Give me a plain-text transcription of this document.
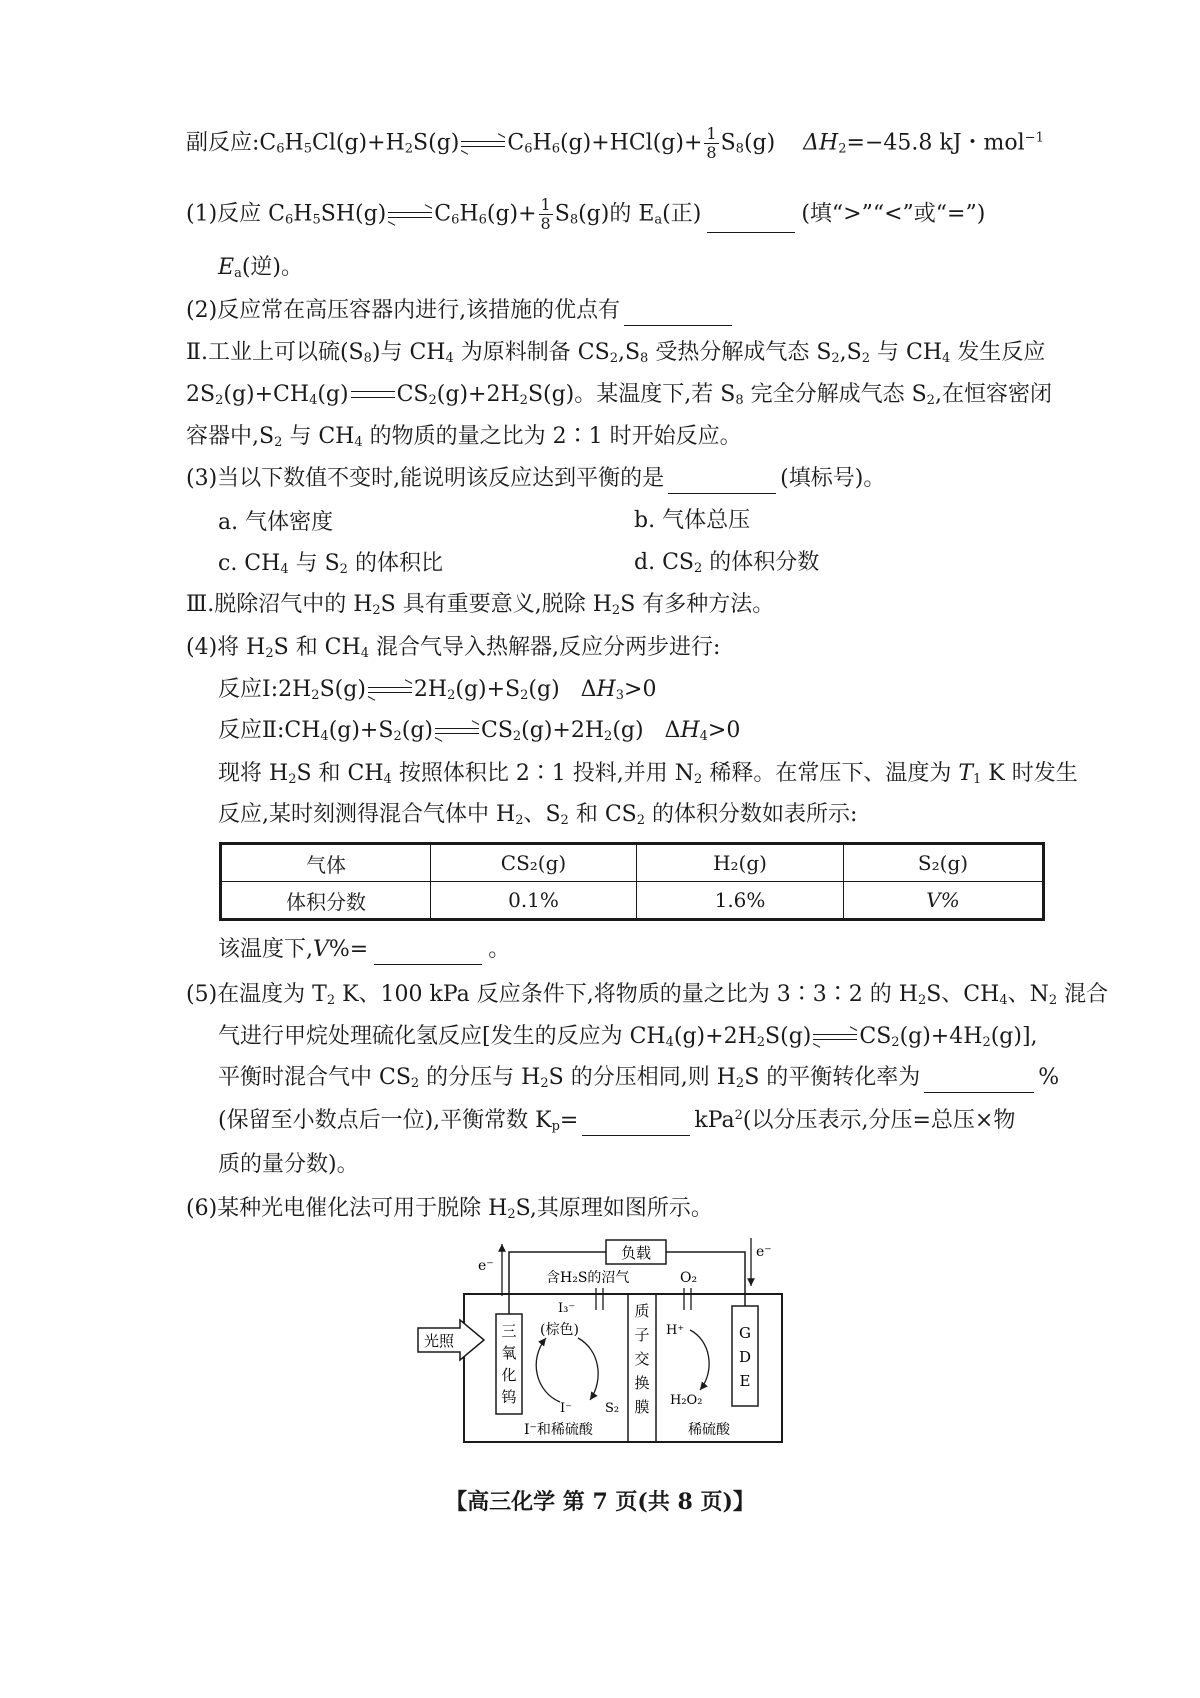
副反应$:C_6H_5Cl(g)+H_2S(g)$ $C_6H_6(g)+HCl(g)+ \frac{1}{8} S_8(g)$    $\Delta H_2=-45.8$ kJ・mol$^{-1}$
(1)反应 $C_6H_5SH(g)$ $C_6H_6(g)+ \frac{1}{8} S_8(g)$的 $E_a$(正)	(填“>”“<”或“=”)
$E_a$(逆)。
(2)反应常在高压容器内进行,该措施的优点有
Ⅱ.工业上可以硫$(S_8)$与 $CH_4$ 为原料制备 $CS_2,S_8$ 受热分解成气态 $S_2,S_2$ 与 $CH_4$ 发生反应
$2S_2(g)+CH_4(g)$ $CS_2(g)+2H_2S(g)$。某温度下,若 $S_8$ 完全分解成气态 $S_2$,在恒容密闭
容器中$,S_2$ 与 $CH_4$ 的物质的量之比为 2∶1 时开始反应。
(3)当以下数值不变时,能说明该反应达到平衡的是	(填标号)。
a. 气体密度	b. 气体总压
c. $CH_4$ 与 $S_2$ 的体积比	d. $CS_2$ 的体积分数
Ⅲ.脱除沼气中的 $H_2S$ 具有重要意义,脱除 $H_2S$ 有多种方法。
(4)将 $H_2S$ 和 $CH_4$ 混合气导入热解器,反应分两步进行:
反应$Ⅰ:2H_2S(g)$ $2H_2(g)+S_2(g)$   $\Delta H_3>0$
反应$Ⅱ:CH_4(g)+S_2(g)$ $CS_2(g)+2H_2(g)$   $\Delta H_4>0$
现将 $H_2S$ 和 $CH_4$ 按照体积比 2∶1 投料,并用 $N_2$ 稀释。在常压下、温度为 $T_1$ K 时发生
反应,某时刻测得混合气体中 $H_2$、$S_2$ 和 $CS_2$ 的体积分数如表所示:
气体	CS₂(g)	H₂(g)	S₂(g)
体积分数	0.1%	1.6%	V%
该温度下,V%=	。
(5)在温度为 $T_2$ K、100 kPa 反应条件下,将物质的量之比为 3∶3∶2 的 $H_2S$、$CH_4$、$N_2$ 混合
气进行甲烷处理硫化氢反应[发生的反应为 $CH_4(g)+2H_2S(g)$ $CS_2(g)+4H_2(g)$],
平衡时混合气中 $CS_2$ 的分压与 $H_2S$ 的分压相同,则 $H_2S$ 的平衡转化率为	%
(保留至小数点后一位),平衡常数 $K_p=$	kPa$^2$(以分压表示,分压=总压×物
质的量分数)。
(6)某种光电催化法可用于脱除 $H_2S$,其原理如图所示。
负载
e⁻
e⁻
含H₂S的沼气	O₂
光照
三
氧
化
钨
质
子
交
换
膜
G
D
E
I₃⁻
(棕色)
I⁻	S₂
I⁻和稀硫酸
H⁺
H₂O₂
稀硫酸
【高三化学 第 7 页(共 8 页)】
